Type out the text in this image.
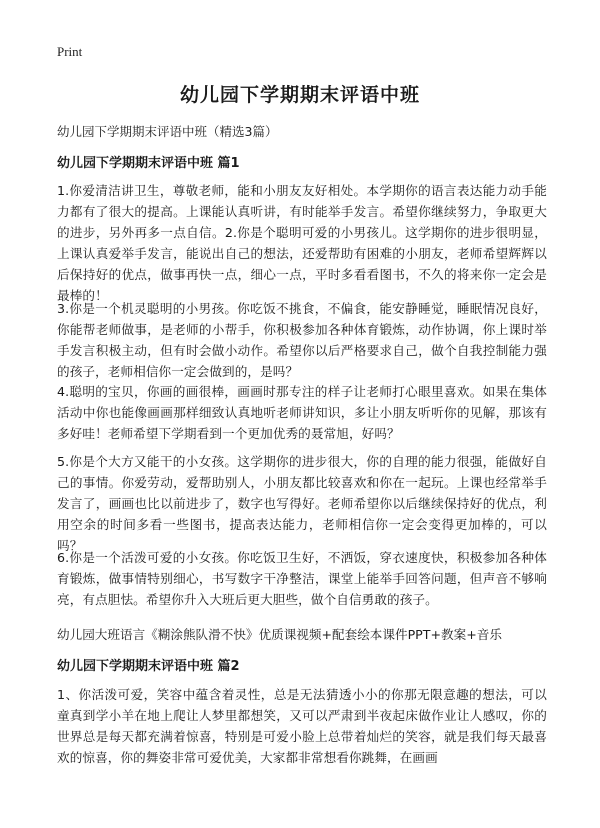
Print
幼儿园下学期期末评语中班
幼儿园下学期期末评语中班（精选3篇）
幼儿园下学期期末评语中班 篇1
1.你爱清洁讲卫生，尊敬老师，能和小朋友友好相处。本学期你的语言表达能力动手能力都有了很大的提高。上课能认真听讲，有时能举手发言。希望你继续努力，争取更大的进步，另外再多一点自信。2.你是个聪明可爱的小男孩儿。这学期你的进步很明显，上课认真爱举手发言，能说出自己的想法，还爱帮助有困难的小朋友，老师希望辉辉以后保持好的优点，做事再快一点，细心一点，平时多看看图书，不久的将来你一定会是最棒的！
3.你是一个机灵聪明的小男孩。你吃饭不挑食，不偏食，能安静睡觉，睡眠情况良好，你能帮老师做事，是老师的小帮手，你积极参加各种体育锻炼，动作协调，你上课时举手发言积极主动，但有时会做小动作。希望你以后严格要求自己，做个自我控制能力强的孩子，老师相信你一定会做到的，是吗？
4.聪明的宝贝，你画的画很棒，画画时那专注的样子让老师打心眼里喜欢。如果在集体活动中你也能像画画那样细致认真地听老师讲知识，多让小朋友听听你的见解，那该有多好哇！老师希望下学期看到一个更加优秀的聂常旭，好吗？
5.你是个大方又能干的小女孩。这学期你的进步很大，你的自理的能力很强，能做好自己的事情。你爱劳动，爱帮助别人，小朋友都比较喜欢和你在一起玩。上课也经常举手发言了，画画也比以前进步了，数字也写得好。老师希望你以后继续保持好的优点，利用空余的时间多看一些图书，提高表达能力，老师相信你一定会变得更加棒的，可以吗？
6.你是一个活泼可爱的小女孩。你吃饭卫生好，不洒饭，穿衣速度快，积极参加各种体育锻炼，做事情特别细心，书写数字干净整洁，课堂上能举手回答问题，但声音不够响亮，有点胆怯。希望你升入大班后更大胆些，做个自信勇敢的孩子。
幼儿园大班语言《糊涂熊队滑不快》优质课视频+配套绘本课件PPT+教案+音乐
幼儿园下学期期末评语中班 篇2
1、你活泼可爱，笑容中蕴含着灵性，总是无法猜透小小的你那无限意趣的想法，可以童真到学小羊在地上爬让人梦里都想笑，又可以严肃到半夜起床做作业让人感叹，你的世界总是每天都充满着惊喜，特别是可爱小脸上总带着灿烂的笑容，就是我们每天最喜欢的惊喜，你的舞姿非常可爱优美，大家都非常想看你跳舞，在画画
